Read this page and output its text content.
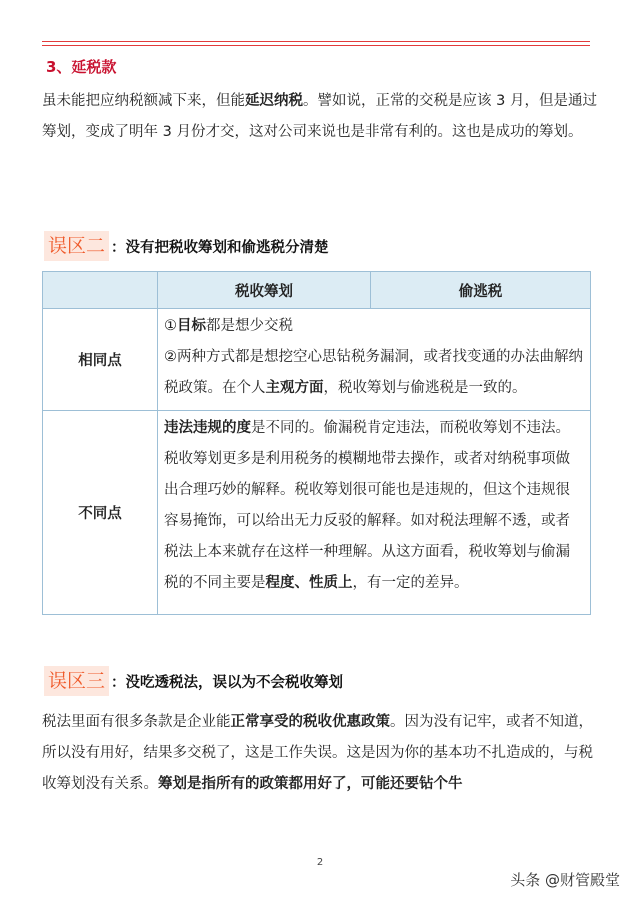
3、延税款
虽未能把应纳税额减下来，但能延迟纳税。譬如说，正常的交税是应该 3 月，但是通过筹划，变成了明年 3 月份才交，这对公司来说也是非常有利的。这也是成功的筹划。
误区二 ：没有把税收筹划和偷逃税分清楚
	税收筹划	偷逃税
相同点	①目标都是想少交税
②两种方式都是想挖空心思钻税务漏洞，或者找变通的办法曲解纳税政策。在个人主观方面，税收筹划与偷逃税是一致的。	

不同点	违法违规的度是不同的。偷漏税肯定违法，而税收筹划不违法。税收筹划更多是利用税务的模糊地带去操作，或者对纳税事项做出合理巧妙的解释。税收筹划很可能也是违规的，但这个违规很容易掩饰，可以给出无力反驳的解释。如对税法理解不透，或者税法上本来就存在这样一种理解。从这方面看，税收筹划与偷漏税的不同主要是程度、性质上，有一定的差异。	
误区三 ：没吃透税法，误以为不会税收筹划
税法里面有很多条款是企业能正常享受的税收优惠政策。因为没有记牢，或者不知道，所以没有用好，结果多交税了，这是工作失误。这是因为你的基本功不扎造成的，与税收筹划没有关系。筹划是指所有的政策都用好了，可能还要钻个牛
2
头条 @财管殿堂
